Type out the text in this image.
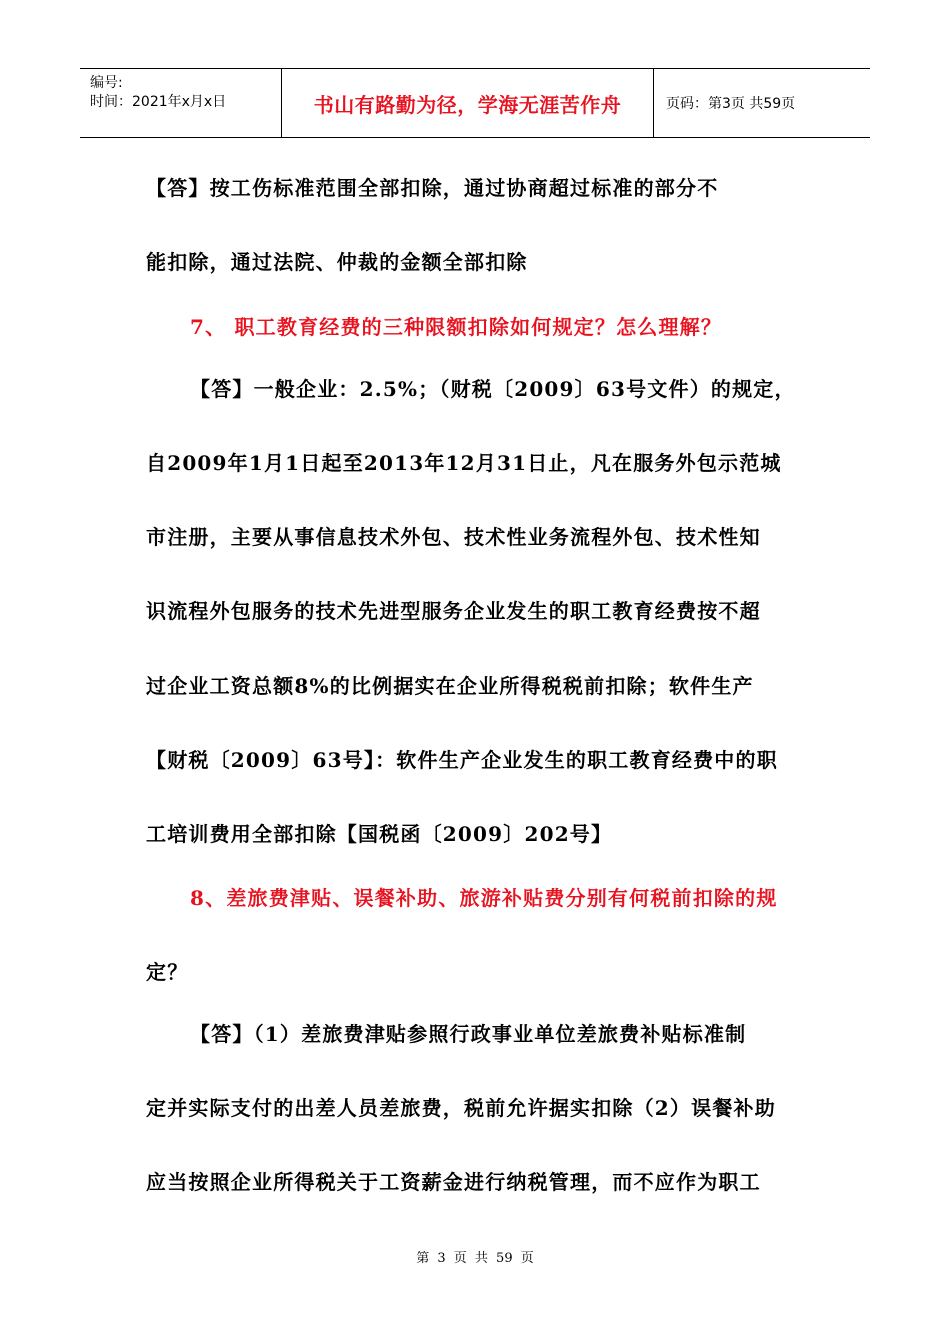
编号:
时间：2021年x月x日	书山有路勤为径，学海无涯苦作舟	页码：第3页 共59页
【答】按工伤标准范围全部扣除，通过协商超过标准的部分不
能扣除，通过法院、仲裁的金额全部扣除
7、 职工教育经费的三种限额扣除如何规定？怎么理解？
【答】一般企业：2.5%；（财税〔2009〕63号文件）的规定，
自2009年1月1日起至2013年12月31日止，凡在服务外包示范城
市注册，主要从事信息技术外包、技术性业务流程外包、技术性知
识流程外包服务的技术先进型服务企业发生的职工教育经费按不超
过企业工资总额8%的比例据实在企业所得税税前扣除；软件生产
【财税〔2009〕63号】：软件生产企业发生的职工教育经费中的职
工培训费用全部扣除【国税函〔2009〕202号】
8、差旅费津贴、误餐补助、旅游补贴费分别有何税前扣除的规
定？
【答】（1）差旅费津贴参照行政事业单位差旅费补贴标准制
定并实际支付的出差人员差旅费，税前允许据实扣除（2）误餐补助
应当按照企业所得税关于工资薪金进行纳税管理，而不应作为职工
第 3 页 共 59 页
